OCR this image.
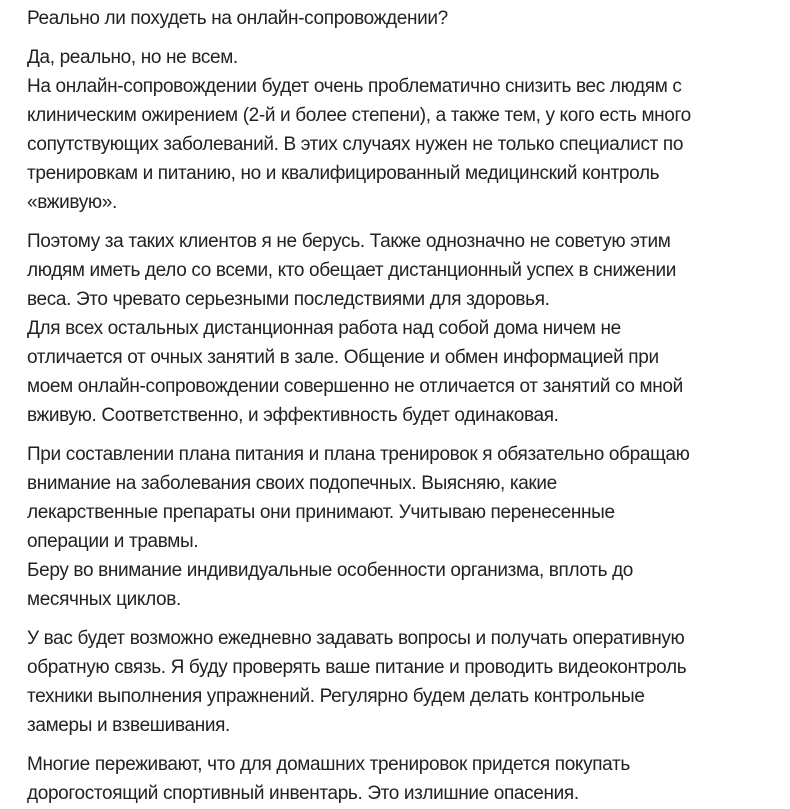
Реально ли похудеть на онлайн-сопровождении?

Да, реально, но не всем.
На онлайн-сопровождении будет очень проблематично снизить вес людям с
клиническим ожирением (2-й и более степени), а также тем, у кого есть много
сопутствующих заболеваний. В этих случаях нужен не только специалист по
тренировкам и питанию, но и квалифицированный медицинский контроль
«вживую».

Поэтому за таких клиентов я не берусь. Также однозначно не советую этим
людям иметь дело со всеми, кто обещает дистанционный успех в снижении
веса. Это чревато серьезными последствиями для здоровья.
Для всех остальных дистанционная работа над собой дома ничем не
отличается от очных занятий в зале. Общение и обмен информацией при
моем онлайн-сопровождении совершенно не отличается от занятий со мной
вживую. Соответственно, и эффективность будет одинаковая.

При составлении плана питания и плана тренировок я обязательно обращаю
внимание на заболевания своих подопечных. Выясняю, какие
лекарственные препараты они принимают. Учитываю перенесенные
операции и травмы.
Беру во внимание индивидуальные особенности организма, вплоть до
месячных циклов.

У вас будет возможно ежедневно задавать вопросы и получать оперативную
обратную связь. Я буду проверять ваше питание и проводить видеоконтроль
техники выполнения упражнений. Регулярно будем делать контрольные
замеры и взвешивания.

Многие переживают, что для домашних тренировок придется покупать
дорогостоящий спортивный инвентарь. Это излишние опасения.
